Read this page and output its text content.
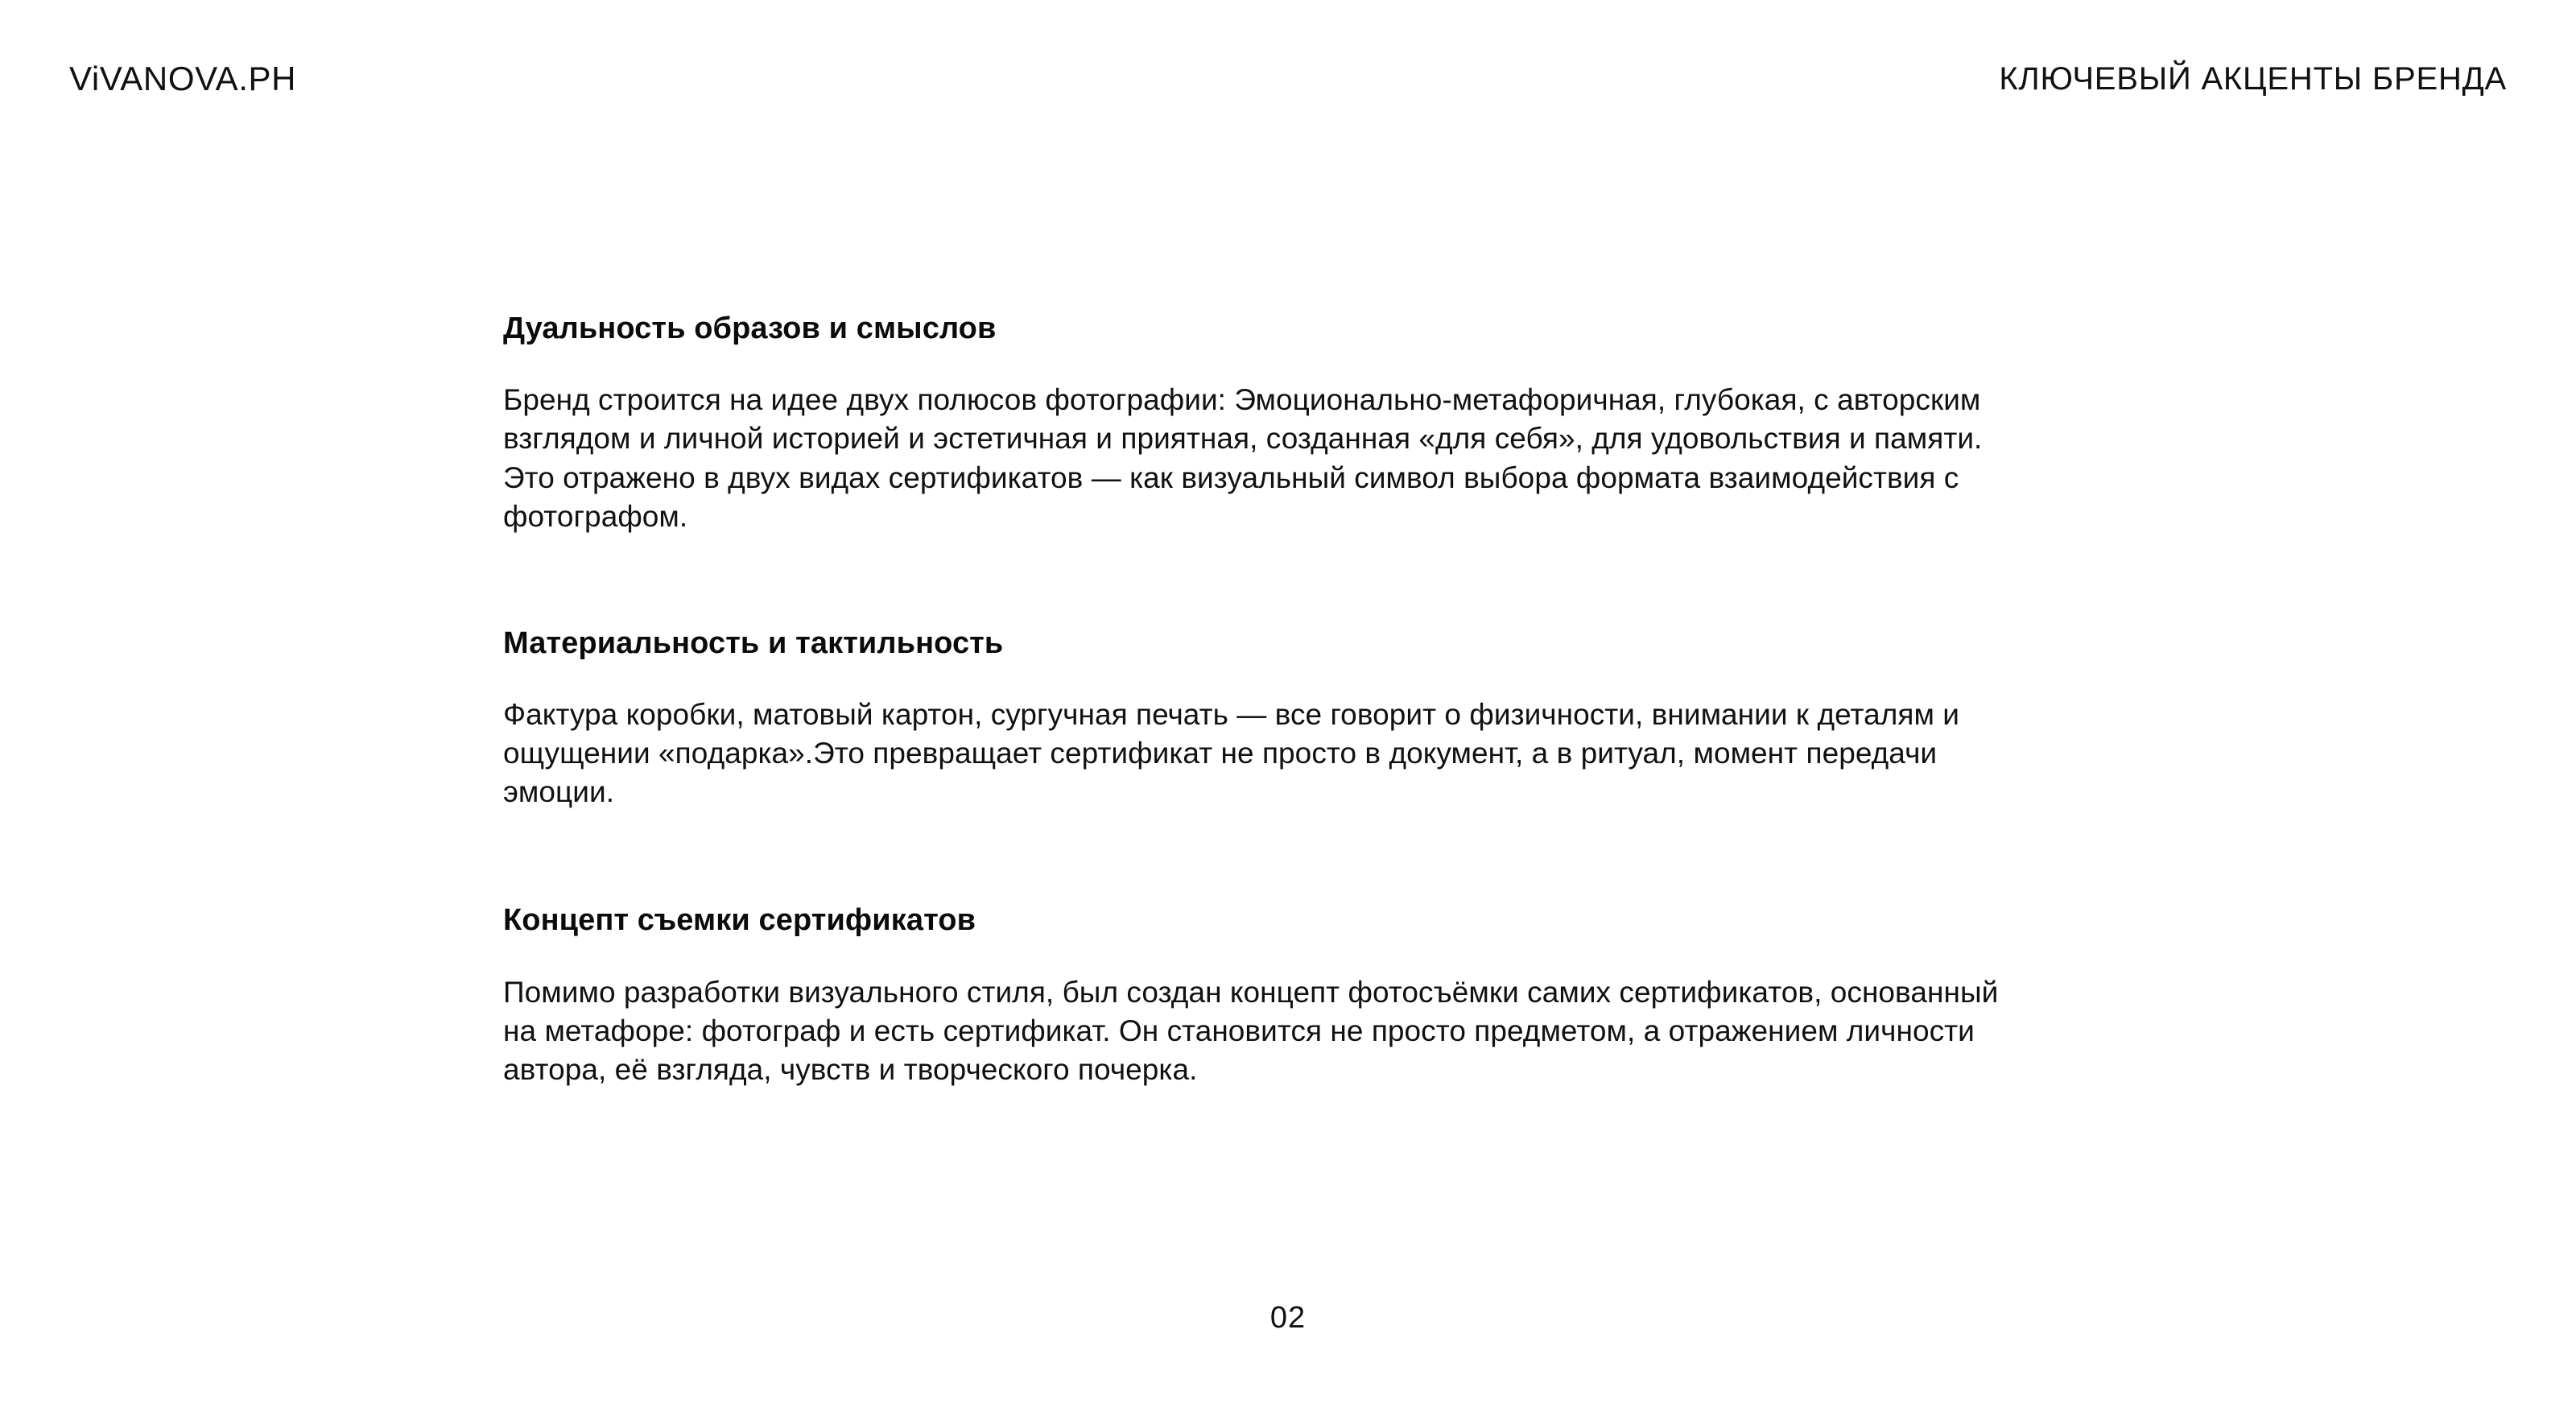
ViVANOVA.PH	КЛЮЧЕВЫЙ АКЦЕНТЫ БРЕНДА
Дуальность образов и смыслов

Бренд строится на идее двух полюсов фотографии: Эмоционально-метафоричная, глубокая, с авторским взглядом и личной историей и эстетичная и приятная, созданная «для себя», для удовольствия и памяти. Это отражено в двух видах сертификатов — как визуальный символ выбора формата взаимодействия с фотографом.

Материальность и тактильность

Фактура коробки, матовый картон, сургучная печать — все говорит о физичности, внимании к деталям и ощущении «подарка».Это превращает сертификат не просто в документ, а в ритуал, момент передачи эмоции.

Концепт съемки сертификатов

Помимо разработки визуального стиля, был создан концепт фотосъёмки самих сертификатов, основанный на метафоре: фотограф и есть сертификат. Он становится не просто предметом, а отражением личности автора, её взгляда, чувств и творческого почерка.

02
